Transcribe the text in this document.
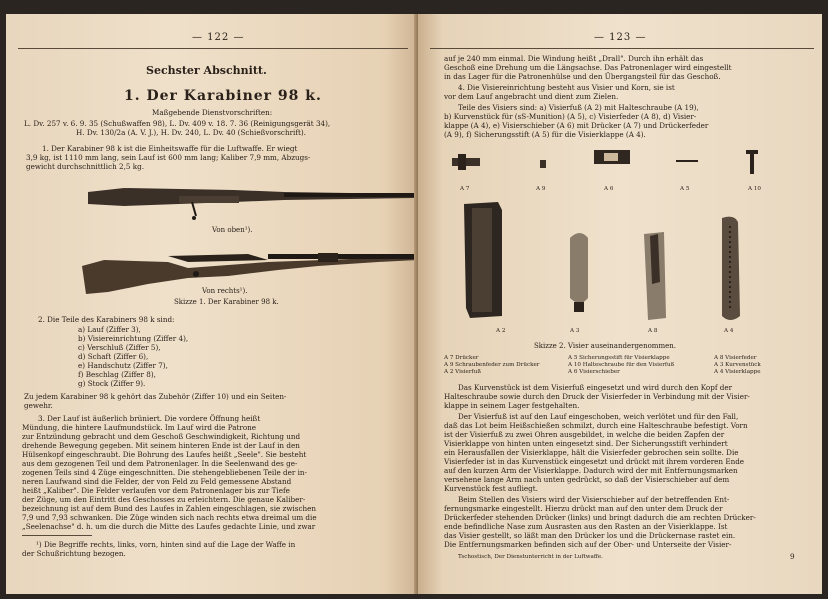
— 122 —
Sechster Abschnitt.
1. Der Karabiner 98 k.
Maßgebende Dienstvorschriften:
L. Dv. 257 v. 6. 9. 35 (Schußwaffen 98), L. Dv. 409 v. 18. 7. 36 (Reinigungsgerät 34),
H. Dv. 130/2a (A. V. J.), H. Dv. 240, L. Dv. 40 (Schießvorschrift).
1. Der Karabiner 98 k ist die Einheitswaffe für die Luftwaffe. Er wiegt
3,9 kg, ist 1110 mm lang, sein Lauf ist 600 mm lang; Kaliber 7,9 mm, Abzugs-
gewicht durchschnittlich 2,5 kg.
Von oben¹).
Von rechts¹).
Skizze 1. Der Karabiner 98 k.
2. Die Teile des Karabiners 98 k sind:
a) Lauf (Ziffer 3),
b) Visiereinrichtung (Ziffer 4),
c) Verschluß (Ziffer 5),
d) Schaft (Ziffer 6),
e) Handschutz (Ziffer 7),
f) Beschlag (Ziffer 8),
g) Stock (Ziffer 9).
Zu jedem Karabiner 98 k gehört das Zubehör (Ziffer 10) und ein Seiten-
gewehr.
3. Der Lauf ist äußerlich brüniert. Die vordere Öffnung heißt
Mündung, die hintere Laufmundstück. Im Lauf wird die Patrone
zur Entzündung gebracht und dem Geschoß Geschwindigkeit, Richtung und
drehende Bewegung gegeben. Mit seinem hinteren Ende ist der Lauf in den
Hülsenkopf eingeschraubt. Die Bohrung des Laufes heißt „Seele". Sie besteht
aus dem gezogenen Teil und dem Patronenlager. In die Seelenwand des ge-
zogenen Teils sind 4 Züge eingeschnitten. Die stehengebliebenen Teile der in-
neren Laufwand sind die Felder, der von Feld zu Feld gemessene Abstand
heißt „Kaliber". Die Felder verlaufen vor dem Patronenlager bis zur Tiefe
der Züge, um den Eintritt des Geschosses zu erleichtern. Die genaue Kaliber-
bezeichnung ist auf dem Bund des Laufes in Zahlen eingeschlagen, sie zwischen
7,9 und 7,93 schwanken. Die Züge winden sich nach rechts etwa dreimal um die
„Seelenachse" d. h. um die durch die Mitte des Laufes gedachte Linie, und zwar
¹) Die Begriffe rechts, links, vorn, hinten sind auf die Lage der Waffe in
der Schußrichtung bezogen.
— 123 —
auf je 240 mm einmal. Die Windung heißt „Drall". Durch ihn erhält das
Geschoß eine Drehung um die Längsachse. Das Patronenlager wird eingestellt
in das Lager für die Patronenhülse und den Übergangsteil für das Geschoß.
4. Die Visiereinrichtung besteht aus Visier und Korn, sie ist
vor dem Lauf angebracht und dient zum Zielen.
Teile des Visiers sind: a) Visierfuß (A 2) mit Halteschraube (A 19),
b) Kurvenstück für (sS-Munition) (A 5), c) Visierfeder (A 8), d) Visier-
klappe (A 4), e) Visierschieber (A 6) mit Drücker (A 7) und Drückerfeder
(A 9), f) Sicherungsstift (A 5) für die Visierklappe (A 4).
A 7	A 9	A 6	A 5	A 10
A 2	A 3	A 8	A 4
Skizze 2. Visier auseinandergenommen.
A 7 Drücker
A 9 Schraubenfeder zum Drücker
A 2 Visierfuß
A 5 Sicherungsstift für Visierklappe
A 10 Halteschraube für den Visierfuß
A 6 Visierschieber
A 8 Visierfeder
A 3 Kurvenstück
A 4 Visierklappe
Das Kurvenstück ist dem Visierfuß eingesetzt und wird durch den Kopf der
Halteschraube sowie durch den Druck der Visierfeder in Verbindung mit der Visier-
klappe in seinem Lager festgehalten.
Der Visierfuß ist auf den Lauf eingeschoben, weich verlötet und für den Fall,
daß das Lot beim Heißschießen schmilzt, durch eine Halteschraube befestigt. Vorn
ist der Visierfuß zu zwei Ohren ausgebildet, in welche die beiden Zapfen der
Visierklappe von hinten unten eingesetzt sind. Der Sicherungsstift verhindert
ein Herausfallen der Visierklappe, hält die Visierfeder gebrochen sein sollte. Die
Visierfeder ist in das Kurvenstück eingesetzt und drückt mit ihrem vorderen Ende
auf den kurzen Arm der Visierklappe. Dadurch wird der mit Entfernungsmarken
versehene lange Arm nach unten gedrückt, so daß der Visierschieber auf dem
Kurvenstück fest aufliegt.
Beim Stellen des Visiers wird der Visierschieber auf der betreffenden Ent-
fernungsmarke eingestellt. Hierzu drückt man auf den unter dem Druck der
Drückerfeder stehenden Drücker (links) und bringt dadurch die am rechten Drücker-
ende befindliche Nase zum Ausrasten aus den Rasten an der Visierklappe. Ist
das Visier gestellt, so läßt man den Drücker los und die Drückernase rastet ein.
Die Entfernungsmarken befinden sich auf der Ober- und Unterseite der Visier-
Tschostisch, Der Dienstunterricht in der Luftwaffe.	9
